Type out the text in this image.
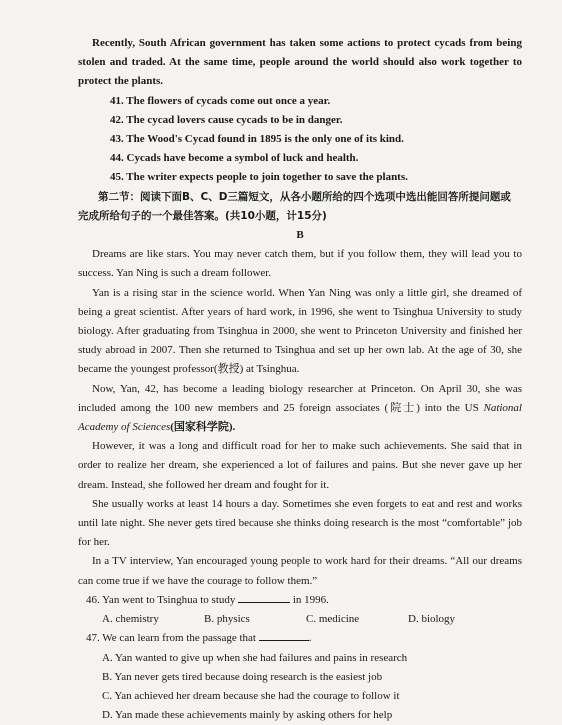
Recently, South African government has taken some actions to protect cycads from being stolen and traded. At the same time, people around the world should also work together to protect the plants.

41. The flowers of cycads come out once a year.

42. The cycad lovers cause cycads to be in danger.

43. The Wood's Cycad found in 1895 is the only one of its kind.

44. Cycads have become a symbol of luck and health.

45. The writer expects people to join together to save the plants.

第二节：阅读下面B、C、D三篇短文，从各小题所给的四个选项中选出能回答所提问题或

完成所给句子的一个最佳答案。(共10小题，计15分)

B

Dreams are like stars. You may never catch them, but if you follow them, they will lead you to success. Yan Ning is such a dream follower.

Yan is a rising star in the science world. When Yan Ning was only a little girl, she dreamed of being a great scientist. After years of hard work, in 1996, she went to Tsinghua University to study biology. After graduating from Tsinghua in 2000, she went to Princeton University and finished her study abroad in 2007. Then she returned to Tsinghua and set up her own lab. At the age of 30, she became the youngest professor(教授) at Tsinghua.

Now, Yan, 42, has become a leading biology researcher at Princeton. On April 30, she was included among the 100 new members and 25 foreign associates (院士) into the US National Academy of Sciences(国家科学院).

However, it was a long and difficult road for her to make such achievements. She said that in order to realize her dream, she experienced a lot of failures and pains. But she never gave up her dream. Instead, she followed her dream and fought for it.

She usually works at least 14 hours a day. Sometimes she even forgets to eat and rest and works until late night. She never gets tired because she thinks doing research is the most “comfortable” job for her.

In a TV interview, Yan encouraged young people to work hard for their dreams. “All our dreams can come true if we have the courage to follow them.”

46. Yan went to Tsinghua to study	in 1996.

A. chemistry	B. physics	C. medicine	D. biology

47. We can learn from the passage that	.

A. Yan wanted to give up when she had failures and pains in research

B. Yan never gets tired because doing research is the easiest job

C. Yan achieved her dream because she had the courage to follow it

D. Yan made these achievements mainly by asking others for help
